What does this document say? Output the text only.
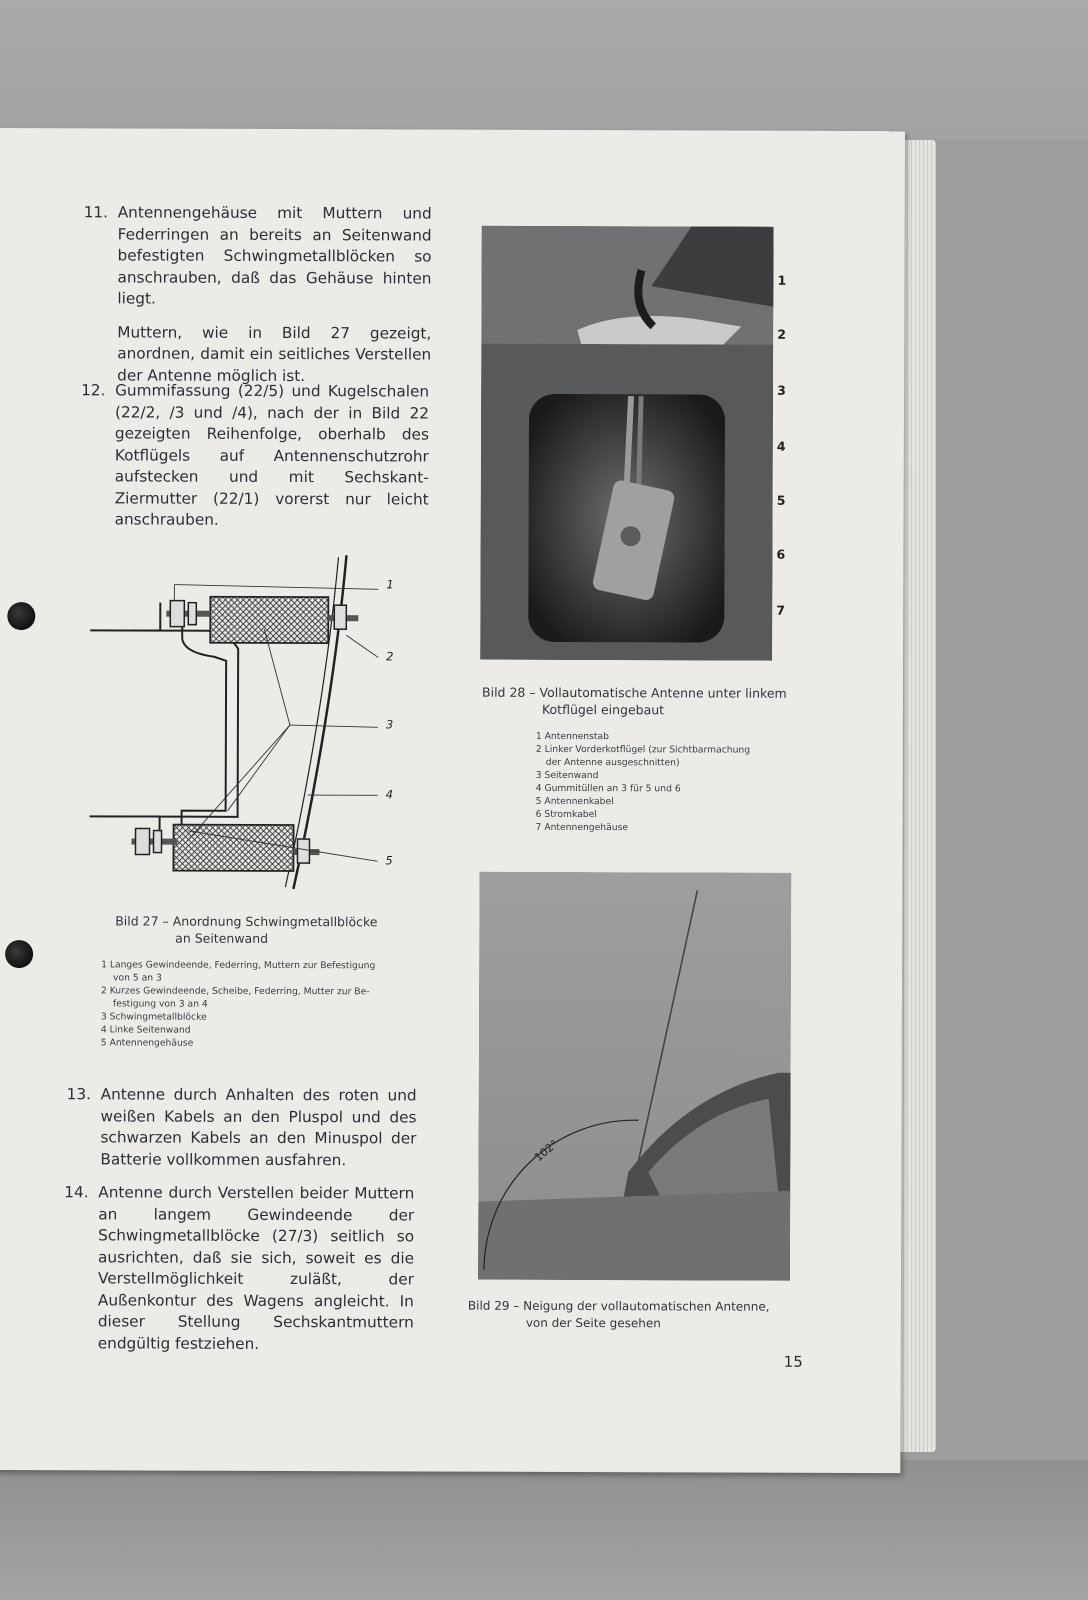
11. Antennengehäuse mit Muttern und Federringen an bereits an Seitenwand befestigten Schwingmetallblöcken so anschrauben, daß das Gehäuse hinten liegt.

Muttern, wie in Bild 27 gezeigt, anordnen, damit ein seitliches Verstellen der Antenne möglich ist.

12. Gummifassung (22/5) und Kugelschalen (22/2, /3 und /4), nach der in Bild 22 gezeigten Reihenfolge, oberhalb des Kotflügels auf Antennenschutzrohr aufstecken und mit Sechskant-Ziermutter (22/1) vorerst nur leicht anschrauben.

1
2
3
4
5
Bild 27 – Anordnung Schwingmetallblöcke
an Seitenwand
1 Langes Gewindeende, Federring, Muttern zur Befestigung
von 5 an 3
2 Kurzes Gewindeende, Scheibe, Federring, Mutter zur Be-
festigung von 3 an 4
3 Schwingmetallblöcke
4 Linke Seitenwand
5 Antennengehäuse
13. Antenne durch Anhalten des roten und weißen Kabels an den Pluspol und des schwarzen Kabels an den Minuspol der Batterie vollkommen ausfahren.

14. Antenne durch Verstellen beider Muttern an langem Gewindeende der Schwingmetallblöcke (27/3) seitlich so ausrichten, daß sie sich, soweit es die Verstellmöglichkeit zuläßt, der Außenkontur des Wagens angleicht. In dieser Stellung Sechskantmuttern endgültig festziehen.

1
2
3
4
5
6
7
Bild 28 – Vollautomatische Antenne unter linkem
Kotflügel eingebaut
1 Antennenstab
2 Linker Vorderkotflügel (zur Sichtbarmachung
der Antenne ausgeschnitten)
3 Seitenwand
4 Gummitüllen an 3 für 5 und 6
5 Antennenkabel
6 Stromkabel
7 Antennengehäuse
102°
Bild 29 – Neigung der vollautomatischen Antenne,
von der Seite gesehen
15
